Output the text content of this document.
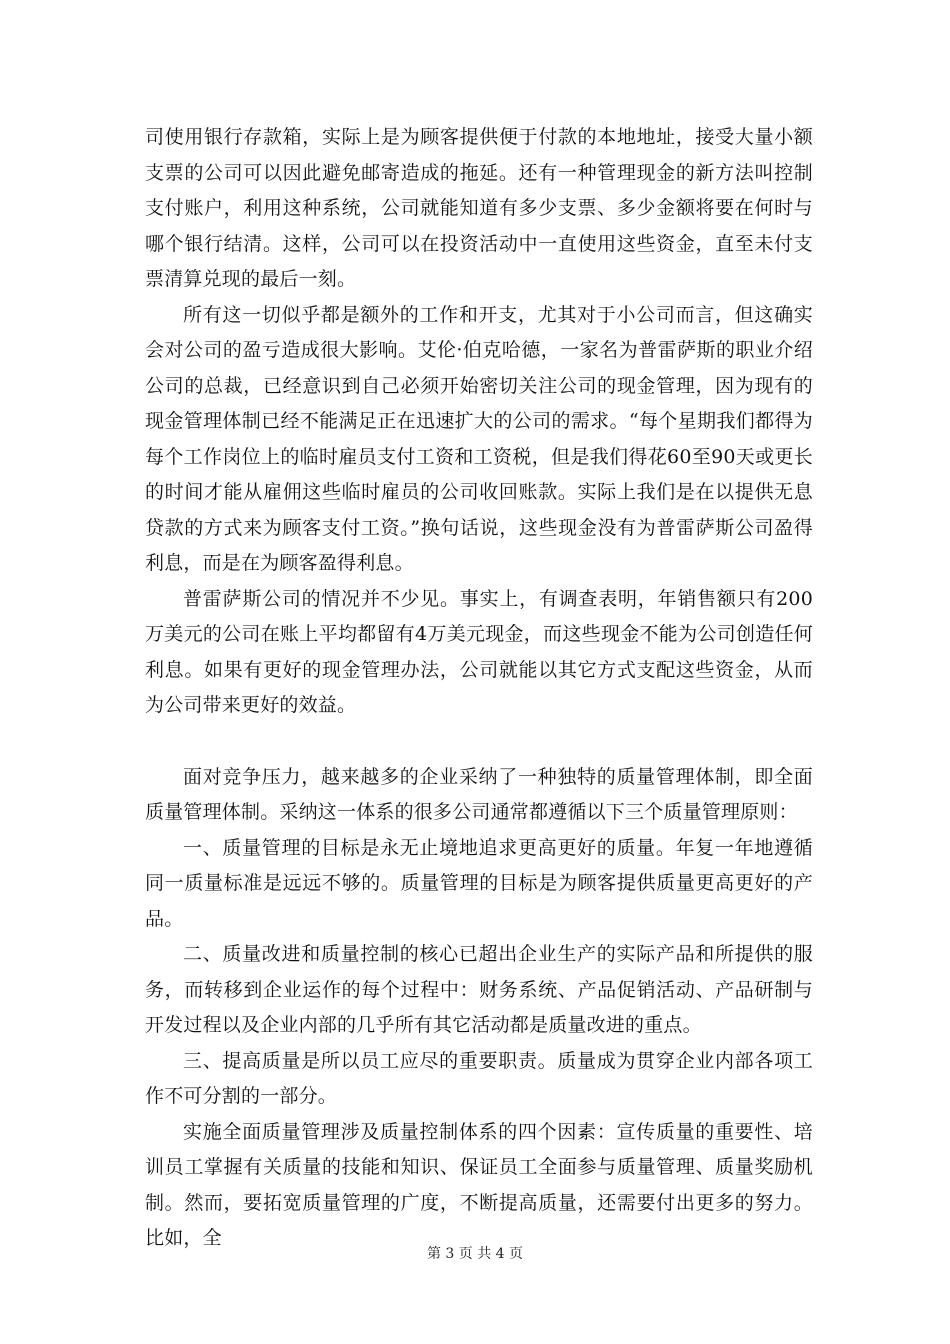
司使用银行存款箱，实际上是为顾客提供便于付款的本地地址，接受大量小额支票的公司可以因此避免邮寄造成的拖延。还有一种管理现金的新方法叫控制支付账户，利用这种系统，公司就能知道有多少支票、多少金额将要在何时与哪个银行结清。这样，公司可以在投资活动中一直使用这些资金，直至未付支票清算兑现的最后一刻。

所有这一切似乎都是额外的工作和开支，尤其对于小公司而言，但这确实会对公司的盈亏造成很大影响。艾伦·伯克哈德，一家名为普雷萨斯的职业介绍公司的总裁，已经意识到自己必须开始密切关注公司的现金管理，因为现有的现金管理体制已经不能满足正在迅速扩大的公司的需求。“每个星期我们都得为每个工作岗位上的临时雇员支付工资和工资税，但是我们得花60至90天或更长的时间才能从雇佣这些临时雇员的公司收回账款。实际上我们是在以提供无息贷款的方式来为顾客支付工资。”换句话说，这些现金没有为普雷萨斯公司盈得利息，而是在为顾客盈得利息。

普雷萨斯公司的情况并不少见。事实上，有调查表明，年销售额只有200万美元的公司在账上平均都留有4万美元现金，而这些现金不能为公司创造任何利息。如果有更好的现金管理办法，公司就能以其它方式支配这些资金，从而为公司带来更好的效益。

面对竞争压力，越来越多的企业采纳了一种独特的质量管理体制，即全面质量管理体制。采纳这一体系的很多公司通常都遵循以下三个质量管理原则：

一、质量管理的目标是永无止境地追求更高更好的质量。年复一年地遵循同一质量标准是远远不够的。质量管理的目标是为顾客提供质量更高更好的产品。

二、质量改进和质量控制的核心已超出企业生产的实际产品和所提供的服务，而转移到企业运作的每个过程中：财务系统、产品促销活动、产品研制与开发过程以及企业内部的几乎所有其它活动都是质量改进的重点。

三、提高质量是所以员工应尽的重要职责。质量成为贯穿企业内部各项工作不可分割的一部分。

实施全面质量管理涉及质量控制体系的四个因素：宣传质量的重要性、培训员工掌握有关质量的技能和知识、保证员工全面参与质量管理、质量奖励机制。然而，要拓宽质量管理的广度，不断提高质量，还需要付出更多的努力。比如，全

第 3 页 共 4 页
